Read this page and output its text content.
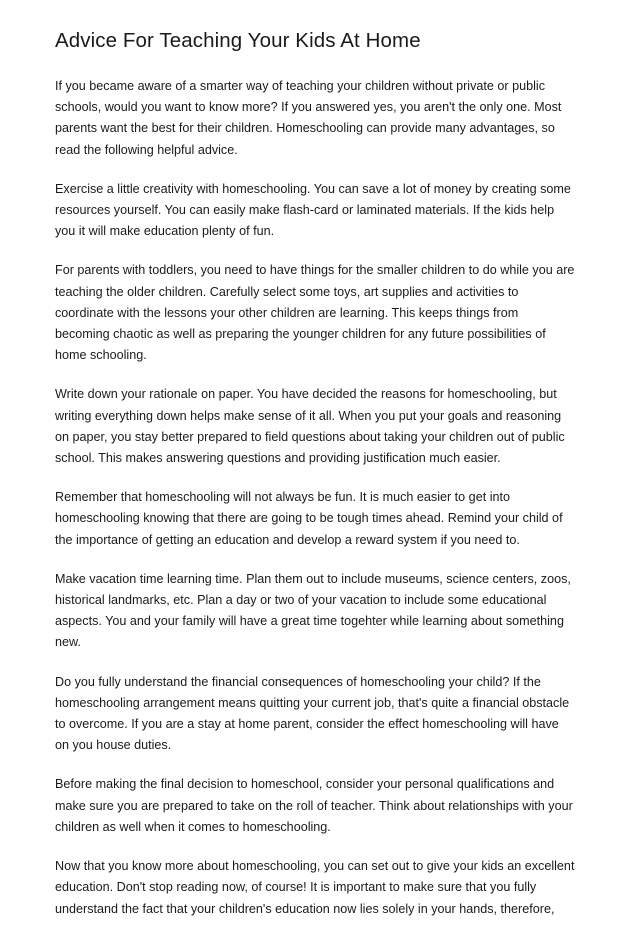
Advice For Teaching Your Kids At Home

If you became aware of a smarter way of teaching your children without private or public
schools, would you want to know more? If you answered yes, you aren't the only one. Most
parents want the best for their children. Homeschooling can provide many advantages, so
read the following helpful advice.

Exercise a little creativity with homeschooling. You can save a lot of money by creating some
resources yourself. You can easily make flash-card or laminated materials. If the kids help
you it will make education plenty of fun.

For parents with toddlers, you need to have things for the smaller children to do while you are
teaching the older children. Carefully select some toys, art supplies and activities to
coordinate with the lessons your other children are learning. This keeps things from
becoming chaotic as well as preparing the younger children for any future possibilities of
home schooling.

Write down your rationale on paper. You have decided the reasons for homeschooling, but
writing everything down helps make sense of it all. When you put your goals and reasoning
on paper, you stay better prepared to field questions about taking your children out of public
school. This makes answering questions and providing justification much easier.

Remember that homeschooling will not always be fun. It is much easier to get into
homeschooling knowing that there are going to be tough times ahead. Remind your child of
the importance of getting an education and develop a reward system if you need to.

Make vacation time learning time. Plan them out to include museums, science centers, zoos,
historical landmarks, etc. Plan a day or two of your vacation to include some educational
aspects. You and your family will have a great time togehter while learning about something
new.

Do you fully understand the financial consequences of homeschooling your child? If the
homeschooling arrangement means quitting your current job, that's quite a financial obstacle
to overcome. If you are a stay at home parent, consider the effect homeschooling will have
on you house duties.

Before making the final decision to homeschool, consider your personal qualifications and
make sure you are prepared to take on the roll of teacher. Think about relationships with your
children as well when it comes to homeschooling.

Now that you know more about homeschooling, you can set out to give your kids an excellent
education. Don't stop reading now, of course! It is important to make sure that you fully
understand the fact that your children's education now lies solely in your hands, therefore,
